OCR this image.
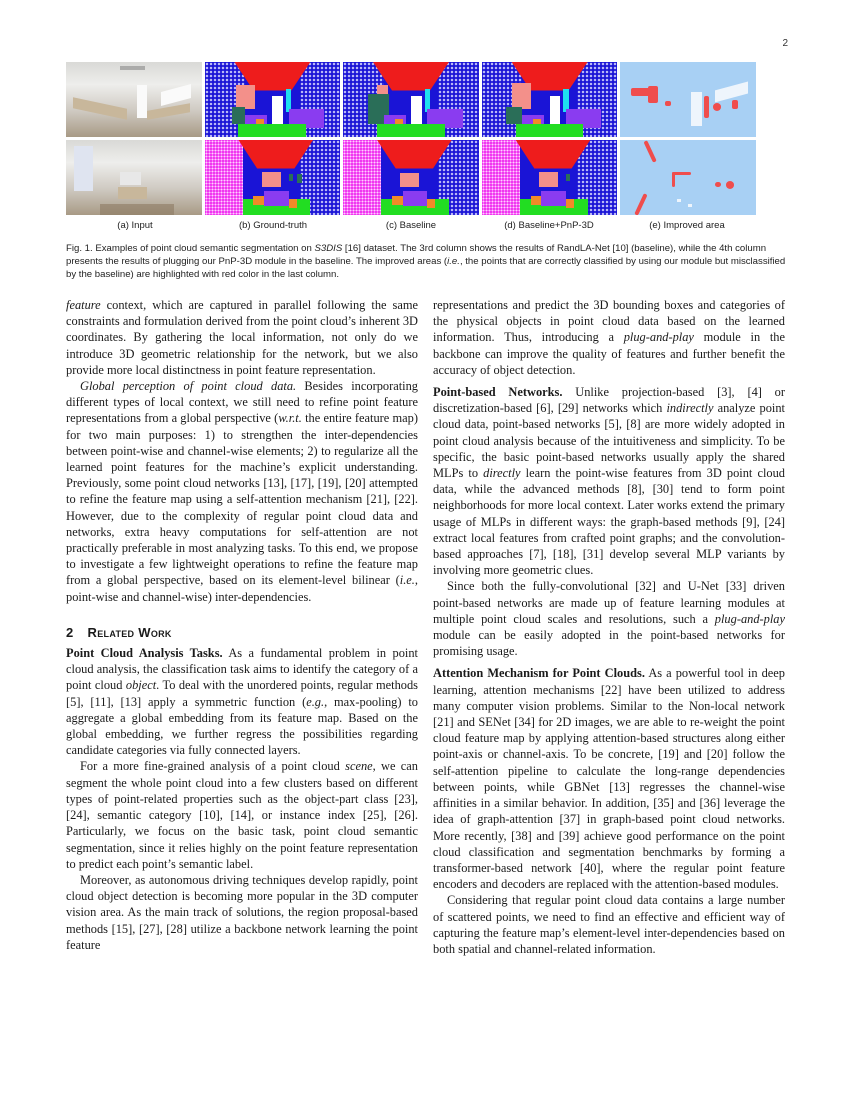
2
(a) Input	(b) Ground-truth	(c) Baseline	(d) Baseline+PnP-3D	(e) Improved area
Fig. 1. Examples of point cloud semantic segmentation on S3DIS [16] dataset. The 3rd column shows the results of RandLA-Net [10] (baseline), while the 4th column presents the results of plugging our PnP-3D module in the baseline. The improved areas (i.e., the points that are correctly classified by using our module but misclassified by the baseline) are highlighted with red color in the last column.

feature context, which are captured in parallel following the same constraints and formulation derived from the point cloud’s inherent 3D coordinates. By gathering the local information, not only do we introduce 3D geometric relationship for the network, but we also provide more local distinctness in point feature representation.

Global perception of point cloud data. Besides incorporating different types of local context, we still need to refine point feature representations from a global perspective (w.r.t. the entire feature map) for two main purposes: 1) to strengthen the inter-dependencies between point-wise and channel-wise elements; 2) to regularize all the learned point features for the machine’s explicit understanding. Previously, some point cloud networks [13], [17], [19], [20] attempted to refine the feature map using a self-attention mechanism [21], [22]. However, due to the complexity of regular point cloud data and networks, extra heavy computations for self-attention are not practically preferable in most analyzing tasks. To this end, we propose to investigate a few lightweight operations to refine the feature map from a global perspective, based on its element-level bilinear (i.e., point-wise and channel-wise) inter-dependencies.

2 Related Work

Point Cloud Analysis Tasks. As a fundamental problem in point cloud analysis, the classification task aims to identify the category of a point cloud object. To deal with the unordered points, regular methods [5], [11], [13] apply a symmetric function (e.g., max-pooling) to aggregate a global embedding from its feature map. Based on the global embedding, we further regress the possibilities regarding candidate categories via fully connected layers.

For a more fine-grained analysis of a point cloud scene, we can segment the whole point cloud into a few clusters based on different types of point-related properties such as the object-part class [23], [24], semantic category [10], [14], or instance index [25], [26]. Particularly, we focus on the basic task, point cloud semantic segmentation, since it relies highly on the point feature representation to predict each point’s semantic label.

Moreover, as autonomous driving techniques develop rapidly, point cloud object detection is becoming more popular in the 3D computer vision area. As the main track of solutions, the region proposal-based methods [15], [27], [28] utilize a backbone network learning the point feature

representations and predict the 3D bounding boxes and categories of the physical objects in point cloud data based on the learned information. Thus, introducing a plug-and-play module in the backbone can improve the quality of features and further benefit the accuracy of object detection.

Point-based Networks. Unlike projection-based [3], [4] or discretization-based [6], [29] networks which indirectly analyze point cloud data, point-based networks [5], [8] are more widely adopted in point cloud analysis because of the intuitiveness and simplicity. To be specific, the basic point-based networks usually apply the shared MLPs to directly learn the point-wise features from 3D point cloud data, while the advanced methods [8], [30] tend to form point neighborhoods for more local context. Later works extend the primary usage of MLPs in different ways: the graph-based methods [9], [24] extract local features from crafted point graphs; and the convolution-based approaches [7], [18], [31] develop several MLP variants by involving more geometric clues.

Since both the fully-convolutional [32] and U-Net [33] driven point-based networks are made up of feature learning modules at multiple point cloud scales and resolutions, such a plug-and-play module can be easily adopted in the point-based networks for promising usage.

Attention Mechanism for Point Clouds. As a powerful tool in deep learning, attention mechanisms [22] have been utilized to address many computer vision problems. Similar to the Non-local network [21] and SENet [34] for 2D images, we are able to re-weight the point cloud feature map by applying attention-based structures along either point-axis or channel-axis. To be concrete, [19] and [20] follow the self-attention pipeline to calculate the long-range dependencies between points, while GBNet [13] regresses the channel-wise affinities in a similar behavior. In addition, [35] and [36] leverage the idea of graph-attention [37] in graph-based point cloud networks. More recently, [38] and [39] achieve good performance on the point cloud classification and segmentation benchmarks by forming a transformer-based network [40], where the regular point feature encoders and decoders are replaced with the attention-based modules.

Considering that regular point cloud data contains a large number of scattered points, we need to find an effective and efficient way of capturing the feature map’s element-level inter-dependencies based on both spatial and channel-related information.
